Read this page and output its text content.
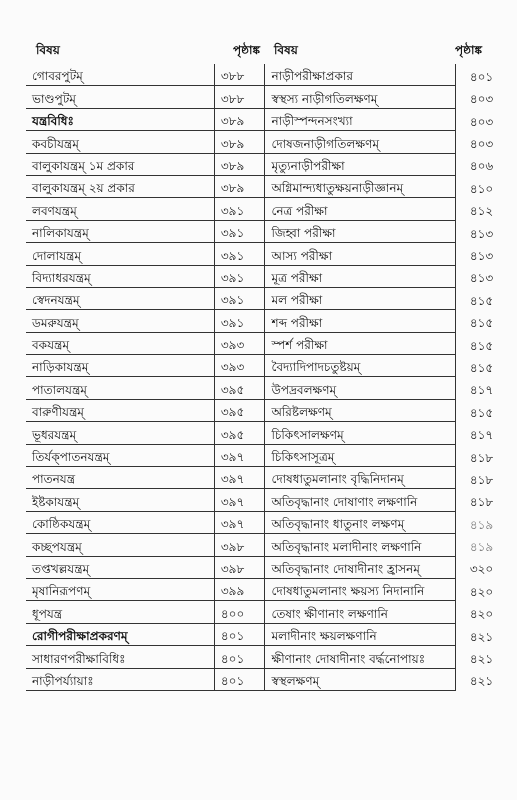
বিষয়	পৃষ্ঠাঙ্ক বিষয়	পৃষ্ঠাঙ্ক
গোবরপুটম্	৩৮৮	নাড়ীপরীক্ষাপ্রকার	৪০১
ভাণ্ডপুটম্	৩৮৮	স্বস্থস্য নাড়ীগতিলক্ষণম্	৪০৩
যন্ত্রবিধিঃ	৩৮৯	নাড়ীস্পন্দনসংখ্যা	৪০৩
কবচীযন্ত্রম্	৩৮৯	দোষজনাড়ীগতিলক্ষণম্	৪০৩
বালুকাযন্ত্রম্ ১ম প্রকার	৩৮৯	মৃত্যুনাড়ীপরীক্ষা	৪০৬
বালুকাযন্ত্রম্ ২য় প্রকার	৩৮৯	অগ্নিমান্দ্যধাতুক্ষয়নাড়ীজ্ঞানম্	৪১০
লবণযন্ত্রম্	৩৯১	নেত্র পরীক্ষা	৪১২
নালিকাযন্ত্রম্	৩৯১	জিহ্বা পরীক্ষা	৪১৩
দোলাযন্ত্রম্	৩৯১	আস্য পরীক্ষা	৪১৩
বিদ্যাধরযন্ত্রম্	৩৯১	মূত্র পরীক্ষা	৪১৩
স্বেদনযন্ত্রম্	৩৯১	মল পরীক্ষা	৪১৫
ডমরুযন্ত্রম্	৩৯১	শব্দ পরীক্ষা	৪১৫
বকযন্ত্রম্	৩৯৩	স্পর্শ পরীক্ষা	৪১৫
নাড়িকাযন্ত্রম্	৩৯৩	বৈদ্যাদিপাদচতুষ্টয়ম্	৪১৫
পাতালযন্ত্রম্	৩৯৫	উপদ্রবলক্ষণম্	৪১৭
বারুণীযন্ত্রম্	৩৯৫	অরিষ্টলক্ষণম্	৪১৫
ভূধরযন্ত্রম্	৩৯৫	চিকিৎসালক্ষণম্	৪১৭
তির্যক্‌পাতনযন্ত্রম্	৩৯৭	চিকিৎসাসূত্রম্	৪১৮
পাতনযন্ত্র	৩৯৭	দোষধাতুমলানাং বৃদ্ধিনিদানম্	৪১৮
ইষ্টকাযন্ত্রম্	৩৯৭	অতিবৃদ্ধানাং দোষাণাং লক্ষণানি	৪১৮
কোষ্ঠিকযন্ত্রম্	৩৯৭	অতিবৃদ্ধানাং ধাতুনাং লক্ষণম্	৪১৯
কচ্ছপযন্ত্রম্	৩৯৮	অতিবৃদ্ধানাং মলাদীনাং লক্ষণানি	৪১৯
তপ্তখল্লযন্ত্রম্	৩৯৮	অতিবৃদ্ধানাং দোষাদীনাং হ্রাসনম্	৩২০
মৃষানিরূপণম্	৩৯৯	দোষধাতুমলানাং ক্ষয়স্য নিদানানি	৪২০
ধূপযন্ত্র	৪০০	তেষাং ক্ষীণানাং লক্ষণানি	৪২০
রোগীপরীক্ষাপ্রকরণম্	৪০১	মলাদীনাং ক্ষয়লক্ষণানি	৪২১
সাধারণপরীক্ষাবিধিঃ	৪০১	ক্ষীণানাং দোষাদীনাং বর্দ্ধনোপায়ঃ	৪২১
নাড়ীপর্য্যায়াঃ	৪০১	স্বস্থলক্ষণম্	৪২১
